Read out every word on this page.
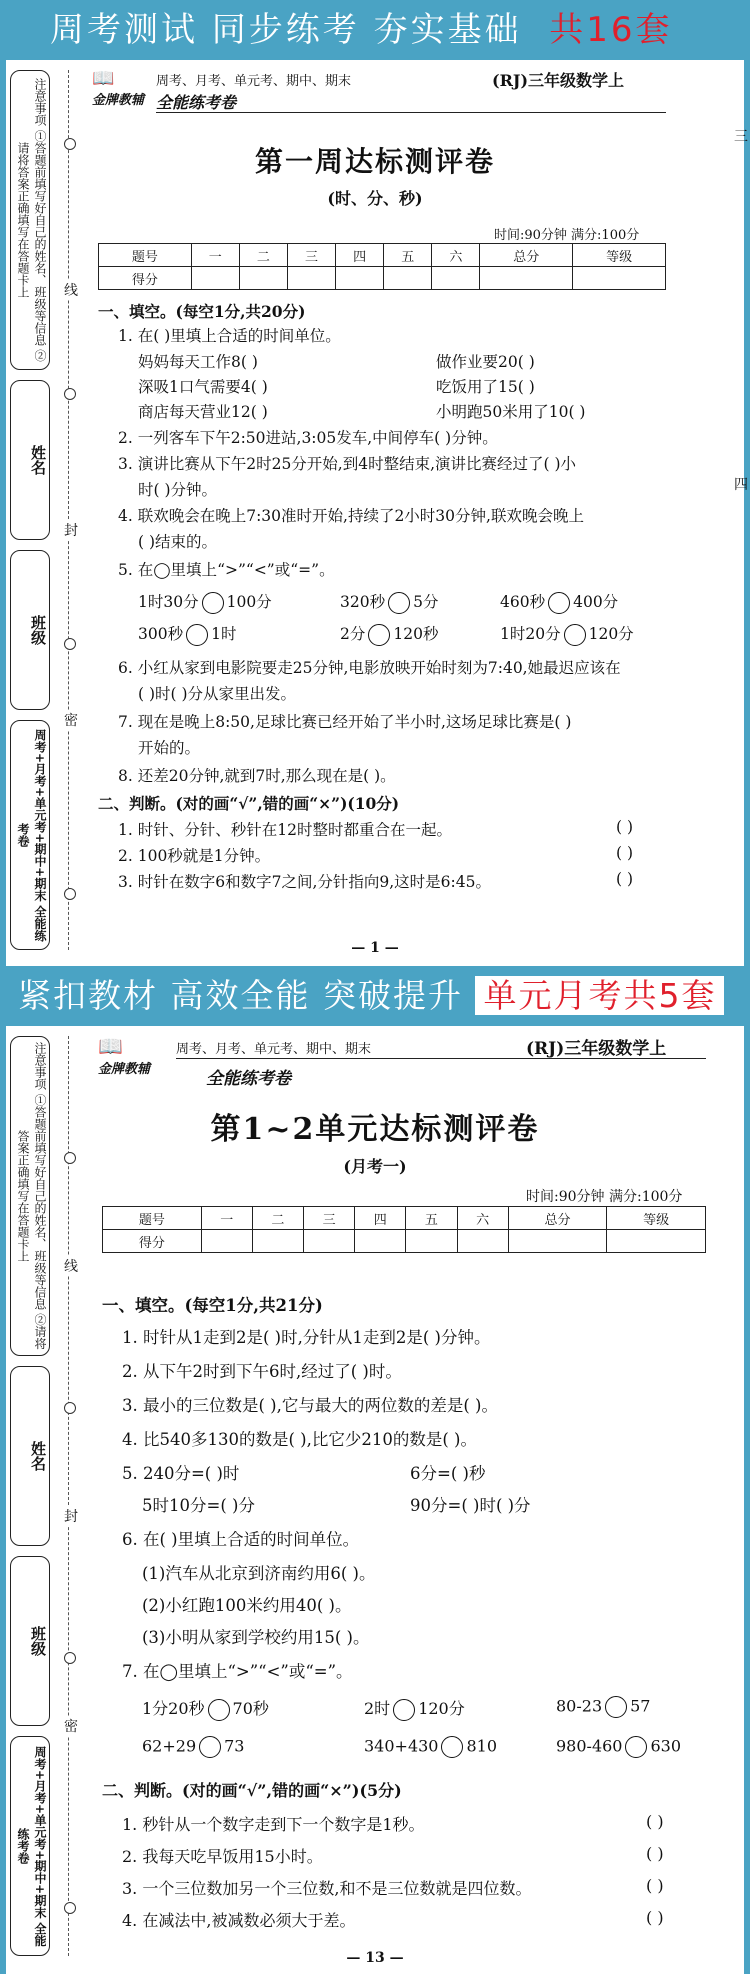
周考测试 同步练考 夯实基础 共16套
注意事项 ①答题前填写好自己的姓名、班级等信息 ②请将答案正确填写在答题卡上
姓名
班级
周考+月考+单元考+期中+期末 全能练考卷
线
封
密
📖
金牌教辅
周考、月考、单元考、期中、期末
全能练考卷
(RJ)三年级数学上
第一周达标测评卷
(时、分、秒)
时间:90分钟 满分:100分
题号	一	二	三	四	五	六	总分	等级
得分								
一、填空。(每空1分,共20分)
1. 在( )里填上合适的时间单位。
妈妈每天工作8( )	做作业要20( )
深吸1口气需要4( )	吃饭用了15( )
商店每天营业12( )	小明跑50米用了10( )
2. 一列客车下午2:50进站,3:05发车,中间停车( )分钟。
3. 演讲比赛从下午2时25分开始,到4时整结束,演讲比赛经过了( )小
时( )分钟。
4. 联欢晚会在晚上7:30准时开始,持续了2小时30分钟,联欢晚会晚上
( )结束的。
5. 在◯里填上“>”“<”或“=”。
1时30分 100分	320秒 5分	460秒 400分
300秒 1时	2分 120秒	1时20分 120分
6. 小红从家到电影院要走25分钟,电影放映开始时刻为7:40,她最迟应该在
( )时( )分从家里出发。
7. 现在是晚上8:50,足球比赛已经开始了半小时,这场足球比赛是( )
开始的。
8. 还差20分钟,就到7时,那么现在是( )。
二、判断。(对的画“√”,错的画“×”)(10分)
1. 时针、分针、秒针在12时整时都重合在一起。	( )
2. 100秒就是1分钟。	( )
3. 时针在数字6和数字7之间,分针指向9,这时是6:45。	( )
— 1 —
三
四
紧扣教材 高效全能 突破提升 单元月考共5套
注意事项 ①答题前填写好自己的姓名、班级等信息 ②请将答案正确填写在答题卡上
姓名
班级
周考+月考+单元考+期中+期末 全能练考卷
线
封
密
📖
金牌教辅
周考、月考、单元考、期中、期末
全能练考卷
(RJ)三年级数学上
第1~2单元达标测评卷
(月考一)
时间:90分钟 满分:100分
题号	一	二	三	四	五	六	总分	等级
得分								
一、填空。(每空1分,共21分)
1. 时针从1走到2是( )时,分针从1走到2是( )分钟。
2. 从下午2时到下午6时,经过了( )时。
3. 最小的三位数是( ),它与最大的两位数的差是( )。
4. 比540多130的数是( ),比它少210的数是( )。
5. 240分=( )时	6分=( )秒
5时10分=( )分	90分=( )时( )分
6. 在( )里填上合适的时间单位。
(1)汽车从北京到济南约用6( )。
(2)小红跑100米约用40( )。
(3)小明从家到学校约用15( )。
7. 在◯里填上“>”“<”或“=”。
1分20秒 70秒	2时 120分	80-23 57
62+29 73	340+430 810	980-460 630
二、判断。(对的画“√”,错的画“×”)(5分)
1. 秒针从一个数字走到下一个数字是1秒。	( )
2. 我每天吃早饭用15小时。	( )
3. 一个三位数加另一个三位数,和不是三位数就是四位数。	( )
4. 在减法中,被减数必须大于差。	( )
— 13 —
